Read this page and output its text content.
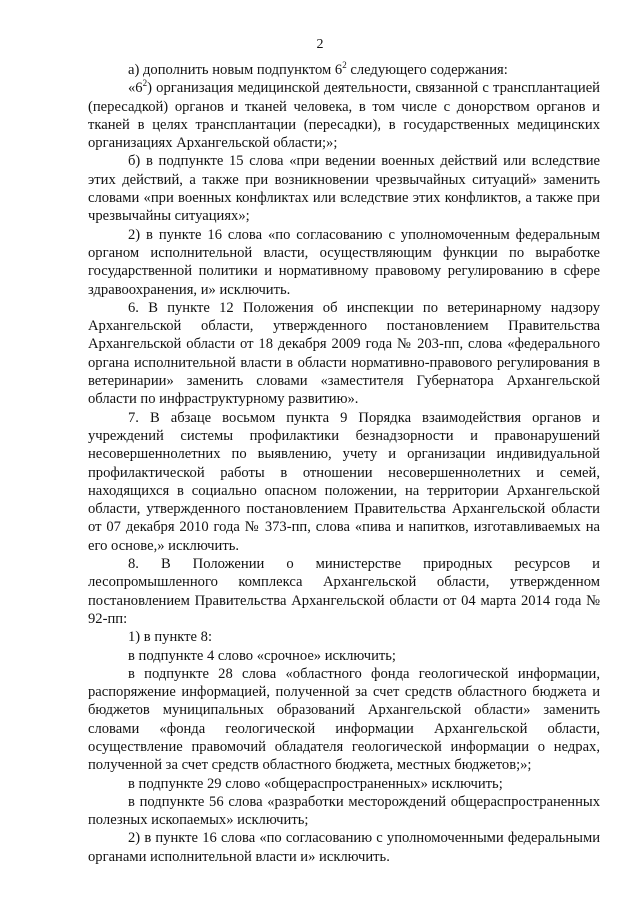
2

а) дополнить новым подпунктом $6^2$ следующего содержания:

«$6^2$) организация медицинской деятельности, связанной с трансплантацией (пересадкой) органов и тканей человека, в том числе с донорством органов и тканей в целях трансплантации (пересадки), в государственных медицинских организациях Архангельской области;»;

б) в подпункте 15 слова «при ведении военных действий или вследствие этих действий, а также при возникновении чрезвычайных ситуаций» заменить словами «при военных конфликтах или вследствие этих конфликтов, а также при чрезвычайны ситуациях»;

2) в пункте 16 слова «по согласованию с уполномоченным федеральным органом исполнительной власти, осуществляющим функции по выработке государственной политики и нормативному правовому регулированию в сфере здравоохранения, и» исключить.

6. В пункте 12 Положения об инспекции по ветеринарному надзору Архангельской области, утвержденного постановлением Правительства Архангельской области от 18 декабря 2009 года № 203-пп, слова «федерального органа исполнительной власти в области нормативно-правового регулирования в ветеринарии» заменить словами «заместителя Губернатора Архангельской области по инфраструктурному развитию».

7. В абзаце восьмом пункта 9 Порядка взаимодействия органов и учреждений системы профилактики безнадзорности и правонарушений несовершеннолетних по выявлению, учету и организации индивидуальной профилактической работы в отношении несовершеннолетних и семей, находящихся в социально опасном положении, на территории Архангельской области, утвержденного постановлением Правительства Архангельской области от 07 декабря 2010 года № 373-пп, слова «пива и напитков, изготавливаемых на его основе,» исключить.

8. В Положении о министерстве природных ресурсов и лесопромышленного комплекса Архангельской области, утвержденном постановлением Правительства Архангельской области от 04 марта 2014 года № 92-пп:

1) в пункте 8:

в подпункте 4 слово «срочное» исключить;

в подпункте 28 слова «областного фонда геологической информации, распоряжение информацией, полученной за счет средств областного бюджета и бюджетов муниципальных образований Архангельской области» заменить словами «фонда геологической информации Архангельской области, осуществление правомочий обладателя геологической информации о недрах, полученной за счет средств областного бюджета, местных бюджетов;»;

в подпункте 29 слово «общераспространенных» исключить;

в подпункте 56 слова «разработки месторождений общераспространенных полезных ископаемых» исключить;

2) в пункте 16 слова «по согласованию с уполномоченными федеральными органами исполнительной власти и» исключить.
